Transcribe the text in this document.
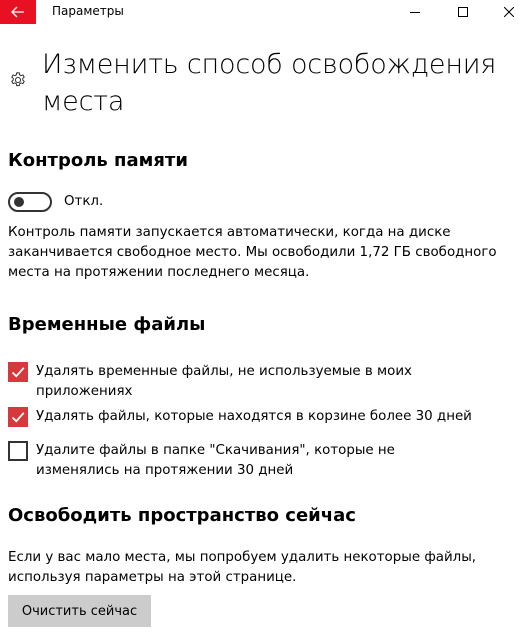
Параметры
Изменить способ освобождения места
Контроль памяти
Откл.

Контроль памяти запускается автоматически, когда на диске заканчивается свободное место. Мы освободили 1,72 ГБ свободного места на протяжении последнего месяца.

Временные файлы
Удалять временные файлы, не используемые в моих приложениях
Удалять файлы, которые находятся в корзине более 30 дней
Удалите файлы в папке "Скачивания", которые не изменялись на протяжении 30 дней
Освободить пространство сейчас

Если у вас мало места, мы попробуем удалить некоторые файлы, используя параметры на этой странице.

Очистить сейчас
